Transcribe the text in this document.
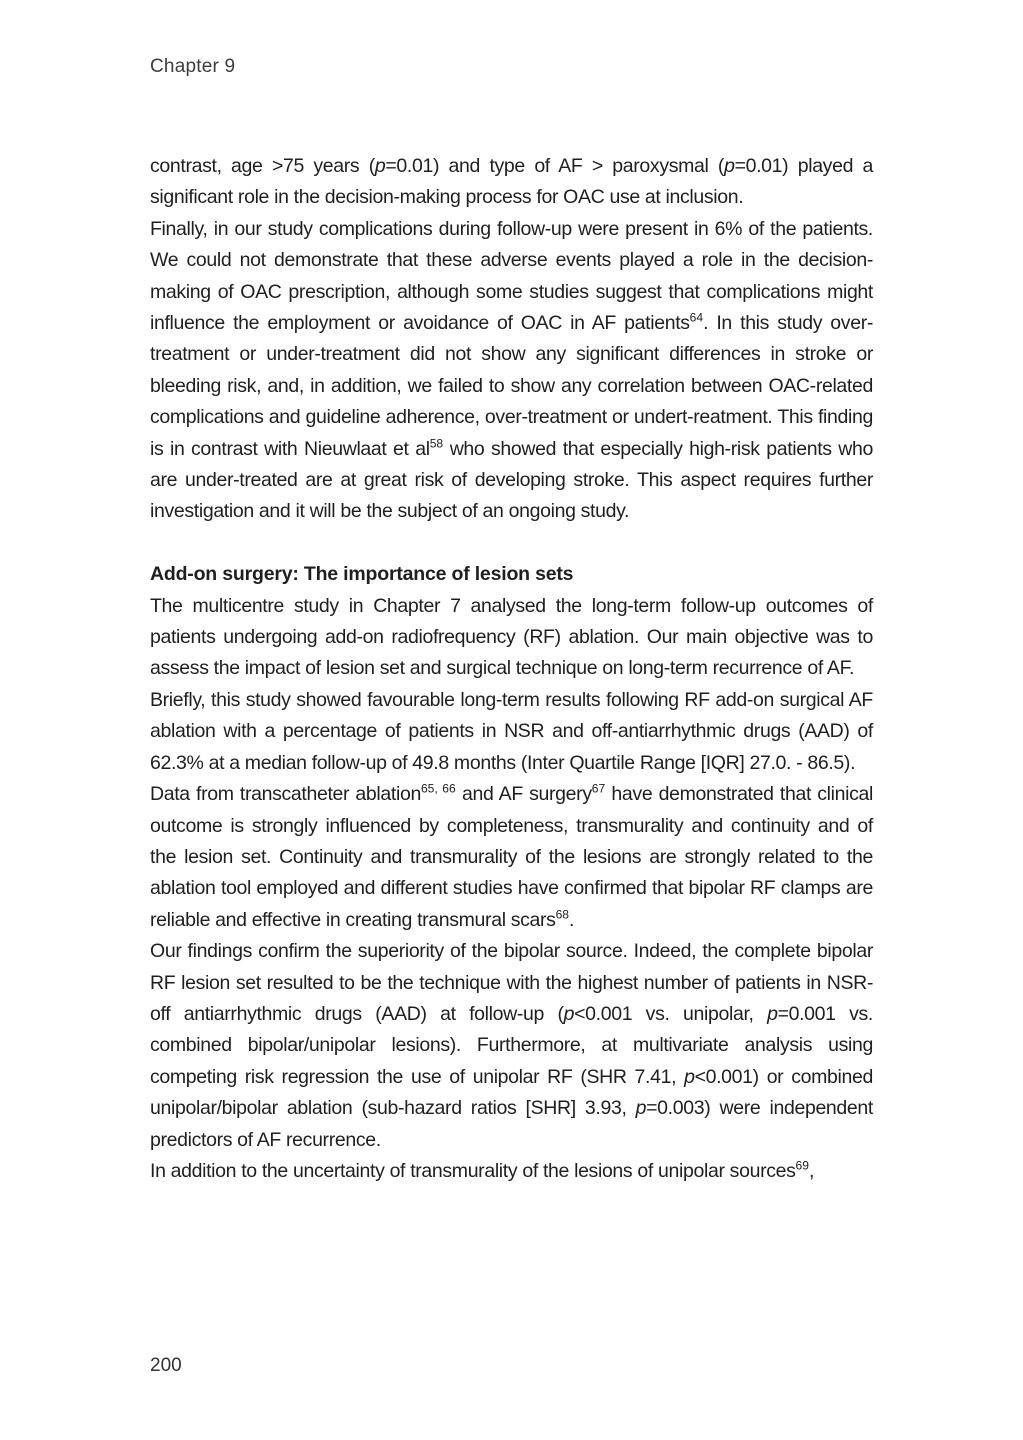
Chapter 9

contrast, age >75 years (p=0.01) and type of AF > paroxysmal (p=0.01) played a significant role in the decision-making process for OAC use at inclusion.

Finally, in our study complications during follow-up were present in 6% of the patients. We could not demonstrate that these adverse events played a role in the decision-making of OAC prescription, although some studies suggest that complications might influence the employment or avoidance of OAC in AF patients$^{64}$. In this study over-treatment or under-treatment did not show any significant differences in stroke or bleeding risk, and, in addition, we failed to show any correlation between OAC-related complications and guideline adherence, over-treatment or undert-reatment. This finding is in contrast with Nieuwlaat et $al^{58}$ who showed that especially high-risk patients who are under-treated are at great risk of developing stroke. This aspect requires further investigation and it will be the subject of an ongoing study.

Add-on surgery: The importance of lesion sets

The multicentre study in Chapter 7 analysed the long-term follow-up outcomes of patients undergoing add-on radiofrequency (RF) ablation. Our main objective was to assess the impact of lesion set and surgical technique on long-term recurrence of AF.

Briefly, this study showed favourable long-term results following RF add-on surgical AF ablation with a percentage of patients in NSR and off-antiarrhythmic drugs (AAD) of 62.3% at a median follow-up of 49.8 months (Inter Quartile Range [IQR] 27.0. - 86.5).

Data from transcatheter ablation$^{65, 66}$ and AF surgery$^{67}$ have demonstrated that clinical outcome is strongly influenced by completeness, transmurality and continuity and of the lesion set. Continuity and transmurality of the lesions are strongly related to the ablation tool employed and different studies have confirmed that bipolar RF clamps are reliable and effective in creating transmural scars$^{68}$.

Our findings confirm the superiority of the bipolar source. Indeed, the complete bipolar RF lesion set resulted to be the technique with the highest number of patients in NSR-off antiarrhythmic drugs (AAD) at follow-up (p<0.001 vs. unipolar, p=0.001 vs. combined bipolar/unipolar lesions). Furthermore, at multivariate analysis using competing risk regression the use of unipolar RF (SHR 7.41, p<0.001) or combined unipolar/bipolar ablation (sub-hazard ratios [SHR] 3.93, p=0.003) were independent predictors of AF recurrence.

In addition to the uncertainty of transmurality of the lesions of unipolar sources$^{69}$,

200
